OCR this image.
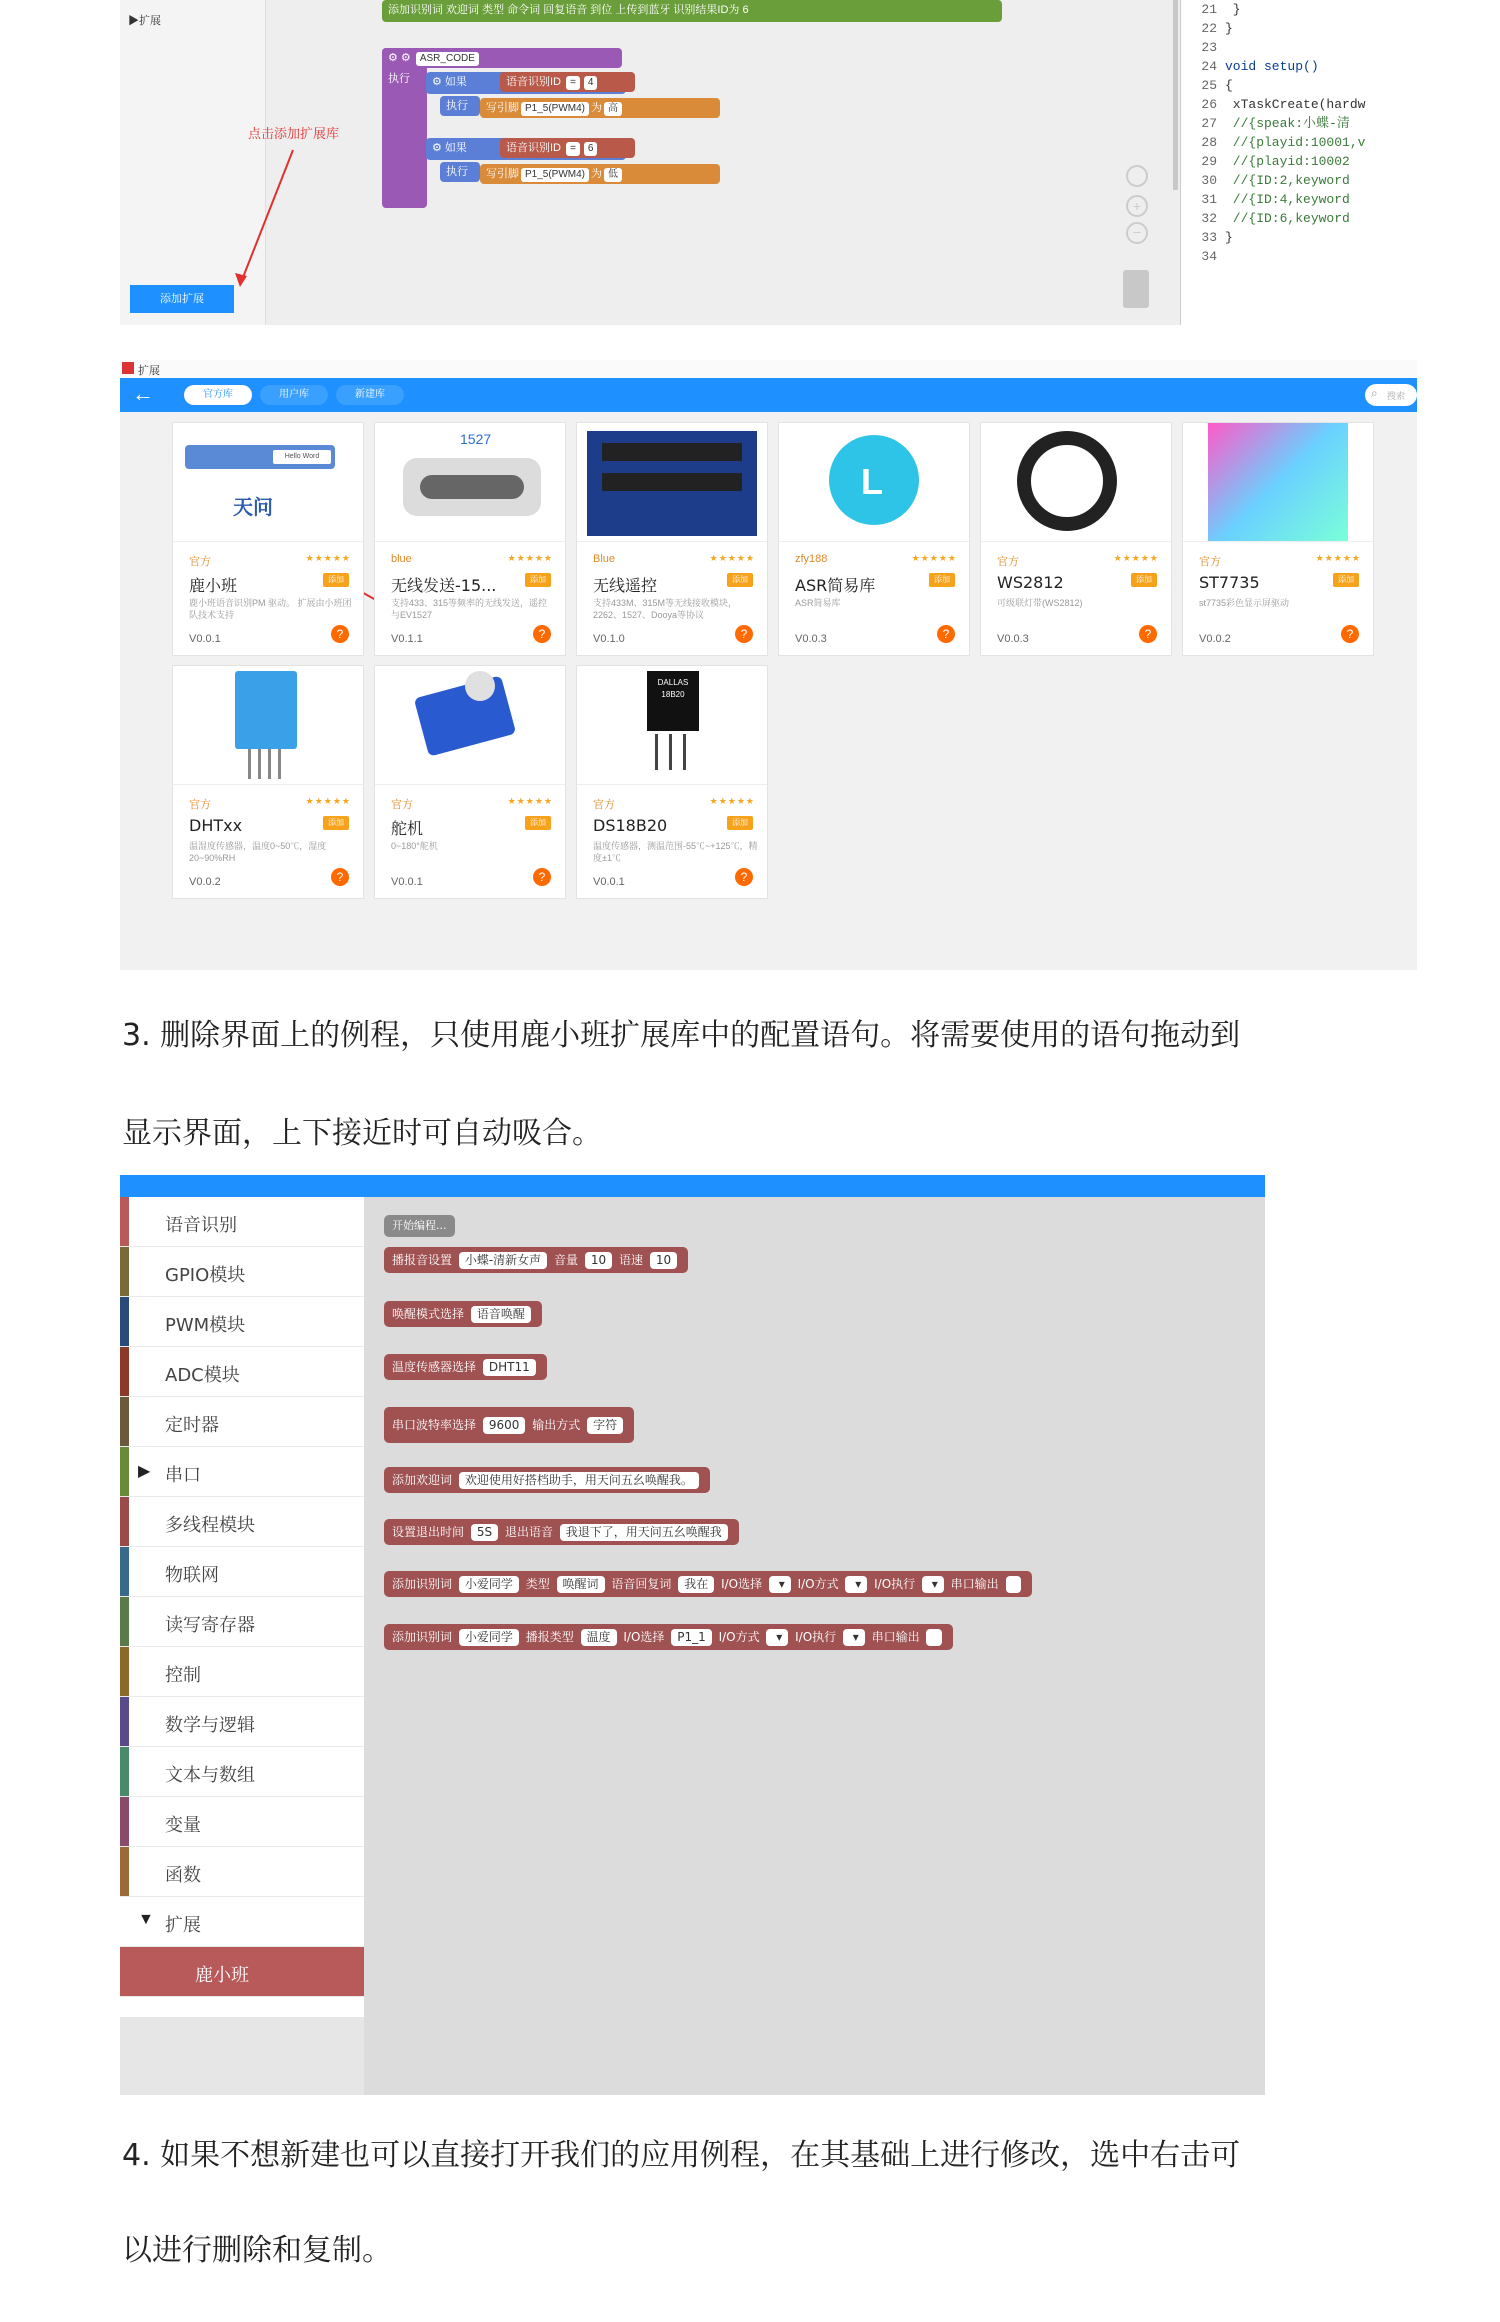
▶扩展
添加扩展
点击添加扩展库
添加识别词 欢迎词 类型 命令词 回复语音 到位 上传到蓝牙 识别结果ID为 6
⚙ ⚙ ASR_CODE
执行	⚙ 如果	语音识别ID = 4
执行	写引脚 P1_5(PWM4) 为 高
⚙ 如果	语音识别ID = 6
执行	写引脚 P1_5(PWM4) 为 低
+
−
21 }
22 }
23
24 void setup()
25 {
26 xTaskCreate(hardw
27 //{speak:小蝶-清
28 //{playid:10001,v
29 //{playid:10002
30 //{ID:2,keyword
31 //{ID:4,keyword
32 //{ID:6,keyword
33 }
34
扩展
←	官方库	用户库	新建库	⌕ 搜索
Hello Word
天问
官方	★★★★★
鹿小班	添加
鹿小班语音识别PM 驱动。 扩展由小班团队技术支持
V0.0.1	?
1527
blue	★★★★★
无线发送-15...	添加
支持433、315等频率的无线发送，遥控与EV1527
V0.1.1	?
Blue	★★★★★
无线遥控	添加
支持433M、315M等无线接收模块，2262、1527、Dooya等协议
V0.1.0	?
L
zfy188	★★★★★
ASR简易库	添加
ASR简易库
V0.0.3	?
官方	★★★★★
WS2812	添加
可级联灯带(WS2812)
V0.0.3	?
官方	★★★★★
ST7735	添加
st7735彩色显示屏驱动
V0.0.2	?
官方	★★★★★
DHTxx	添加
温湿度传感器，温度0~50℃，湿度20~90%RH
V0.0.2	?
官方	★★★★★
舵机	添加
0~180°舵机
V0.0.1	?
DALLAS 18B20
官方	★★★★★
DS18B20	添加
温度传感器，测温范围-55℃~+125℃，精度±1℃
V0.0.1	?
3. 删除界面上的例程，只使用鹿小班扩展库中的配置语句。将需要使用的语句拖动到
显示界面，上下接近时可自动吸合。
语音识别
GPIO模块
PWM模块
ADC模块
定时器
▶ 串口
多线程模块
物联网
读写寄存器
控制
数学与逻辑
文本与数组
变量
函数
▼ 扩展
鹿小班
开始编程...
播报音设置 小蝶-清新女声 音量 10 语速 10
唤醒模式选择 语音唤醒
温度传感器选择 DHT11
串口波特率选择 9600 输出方式 字符
添加欢迎词 欢迎使用好搭档助手，用天问五幺唤醒我。
设置退出时间 5S 退出语音 我退下了，用天问五幺唤醒我
添加识别词 小爱同学 类型 唤醒词 语音回复词 我在 I/O选择  ▾ I/O方式  ▾ I/O执行  ▾ 串口输出
添加识别词 小爱同学 播报类型 温度 I/O选择 P1_1 I/O方式  ▾ I/O执行  ▾ 串口输出
4. 如果不想新建也可以直接打开我们的应用例程，在其基础上进行修改，选中右击可
以进行删除和复制。
